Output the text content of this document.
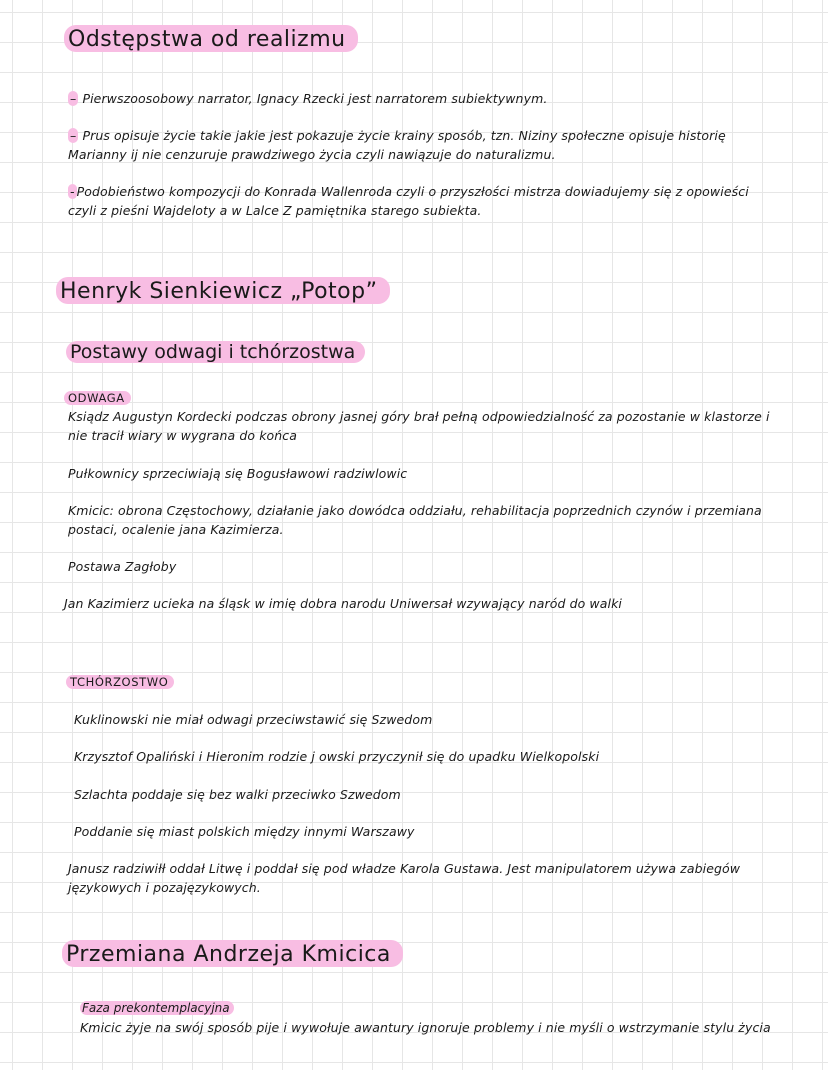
Odstępstwa od realizmu
– Pierwszoosobowy narrator, Ignacy Rzecki jest narratorem subiektywnym.
– Prus opisuje życie takie jakie jest pokazuje życie krainy sposób, tzn. Niziny społeczne opisuje historię
Marianny ij nie cenzuruje prawdziwego życia czyli nawiązuje do naturalizmu.
- Podobieństwo kompozycji do Konrada Wallenroda czyli o przyszłości mistrza dowiadujemy się z opowieści
czyli z pieśni Wajdeloty a w Lalce Z pamiętnika starego subiekta.
Henryk Sienkiewicz „Potop”
Postawy odwagi i tchórzostwa
ODWAGA
Ksiądz Augustyn Kordecki podczas obrony jasnej góry brał pełną odpowiedzialność za pozostanie w klastorze i
nie tracił wiary w wygrana do końca
Pułkownicy sprzeciwiają się Bogusławowi radziwlowic
Kmicic: obrona Częstochowy, działanie jako dowódca oddziału, rehabilitacja poprzednich czynów i przemiana
postaci, ocalenie jana Kazimierza.
Postawa Zagłoby
Jan Kazimierz ucieka na śląsk w imię dobra narodu Uniwersał wzywający naród do walki
TCHÓRZOSTWO
Kuklinowski nie miał odwagi przeciwstawić się Szwedom
Krzysztof Opaliński i Hieronim rodzie j owski przyczynił się do upadku Wielkopolski
Szlachta poddaje się bez walki przeciwko Szwedom
Poddanie się miast polskich między innymi Warszawy
Janusz radziwiłł oddał Litwę i poddał się pod władze Karola Gustawa. Jest manipulatorem używa zabiegów
językowych i pozajęzykowych.
Przemiana Andrzeja Kmicica
Faza prekontemplacyjna
Kmicic żyje na swój sposób pije i wywołuje awantury ignoruje problemy i nie myśli o wstrzymanie stylu życia
